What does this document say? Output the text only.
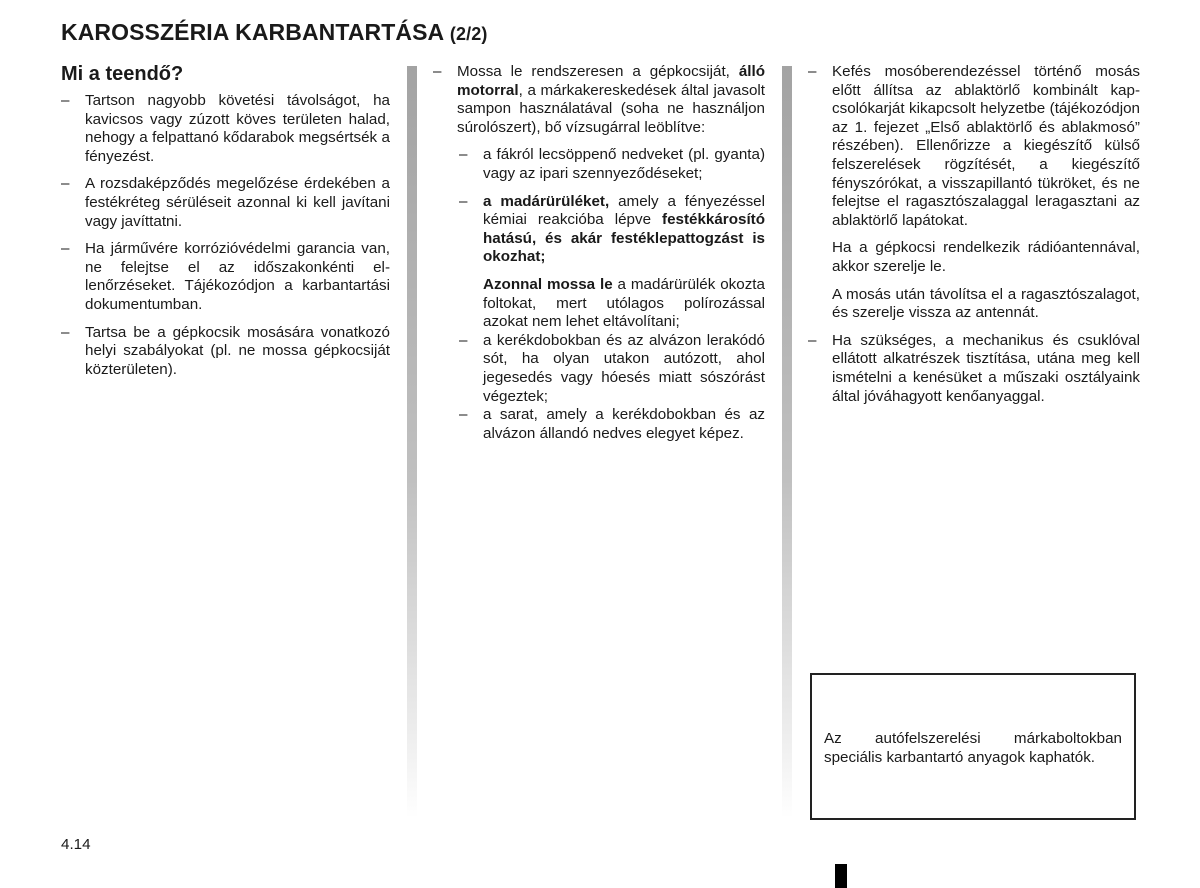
KAROSSZÉRIA KARBANTARTÁSA (2/2)
Mi a teendő?
– Tartson nagyobb követési távolságot, ha kavicsos vagy zúzott köves területen halad, nehogy a felpattanó kődarabok megsértsék a fényezést.
– A rozsdaképződés megelőzése érdekében a festékréteg sérüléseit azonnal ki kell javítani vagy javíttatni.
– Ha járművére korrózióvédelmi garancia van, ne felejtse el az időszakonkénti ellenőrzéseket. Tájékozódjon a karbantartási dokumentumban.
– Tartsa be a gépkocsik mosására vonatkozó helyi szabályokat (pl. ne mossa gépkocsiját közterületen).
– Mossa le rendszeresen a gépkocsiját, álló motorral, a márkakereskedések által javasolt sampon használatával (soha ne használjon súrolószert), bő vízsugárral leöblítve:
– a fákról lecsöppenő nedveket (pl. gyanta) vagy az ipari szennyeződéseket;
– a madárürüléket, amely a fényezéssel kémiai reakcióba lépve festékkárosító hatású, és akár festéklepattogzást is okozhat;

Azonnal mossa le a madárürülék okozta foltokat, mert utólagos polírozással azokat nem lehet eltávolítani;

– a kerékdobokban és az alvázon lerakódó sót, ha olyan utakon autózott, ahol jegesedés vagy hóesés miatt sószórást végeztek;
– a sarat, amely a kerékdobokban és az alvázon állandó nedves elegyet képez.
– Kefés mosóberendezéssel történő mosás előtt állítsa az ablaktörlő kombinált kapcsolókarját kikapcsolt helyzetbe (tájékozódjon az 1. fejezet „Első ablaktörlő és ablakmosó” részében). Ellenőrizze a kiegészítő külső felszerelések rögzítését, a kiegészítő fényszórókat, a visszapillantó tükröket, és ne felejtse el ragasztószalaggal leragasztani az ablaktörlő lapátokat.

Ha a gépkocsi rendelkezik rádióantennával, akkor szerelje le.

A mosás után távolítsa el a ragasztószalagot, és szerelje vissza az antennát.

– Ha szükséges, a mechanikus és csuklóval ellátott alkatrészek tisztítása, utána meg kell ismételni a kenésüket a műszaki osztályaink által jóváhagyott kenőanyaggal.

Az autófelszerelési márkaboltokban speciális karbantartó anyagok kaphatók.

4.14
